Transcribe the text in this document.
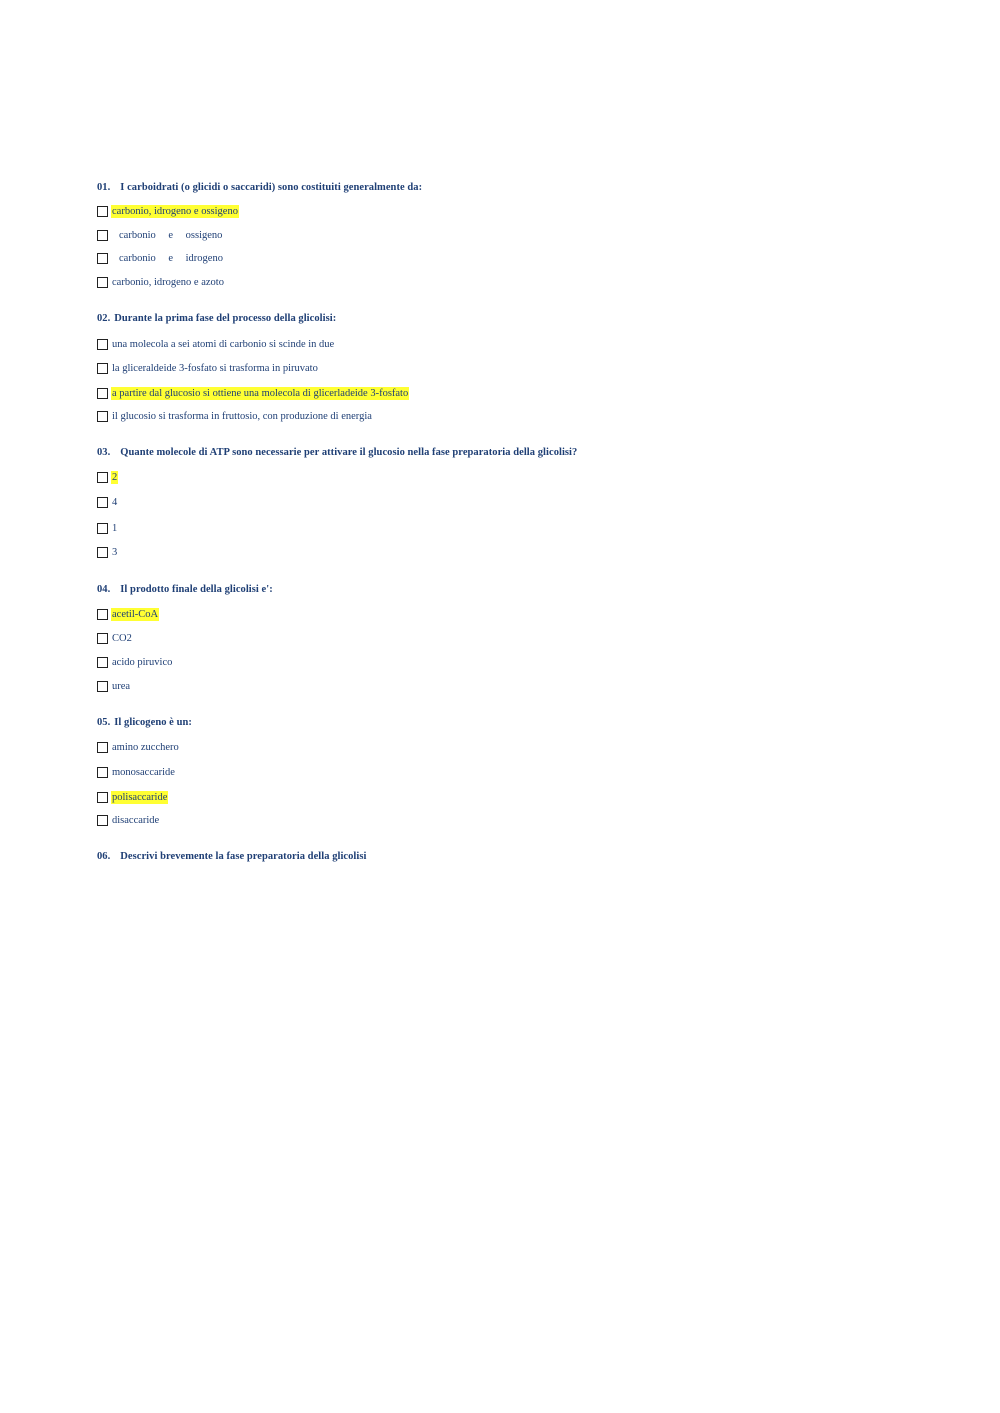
01. I carboidrati (o glicidi o saccaridi) sono costituiti generalmente da:
carbonio, idrogeno e ossigeno
carbonio e ossigeno
carbonio e idrogeno
carbonio, idrogeno e azoto
02. Durante la prima fase del processo della glicolisi:
una molecola a sei atomi di carbonio si scinde in due
la gliceraldeide 3-fosfato si trasforma in piruvato
a partire dal glucosio si ottiene una molecola di glicerladeide 3-fosfato
il glucosio si trasforma in fruttosio, con produzione di energia
03. Quante molecole di ATP sono necessarie per attivare il glucosio nella fase preparatoria della glicolisi?
2
4
1
3
04. Il prodotto finale della glicolisi e':
acetil-CoA
CO2
acido piruvico
urea
05. Il glicogeno è un:
amino zucchero
monosaccaride
polisaccaride
disaccaride
06. Descrivi brevemente la fase preparatoria della glicolisi
